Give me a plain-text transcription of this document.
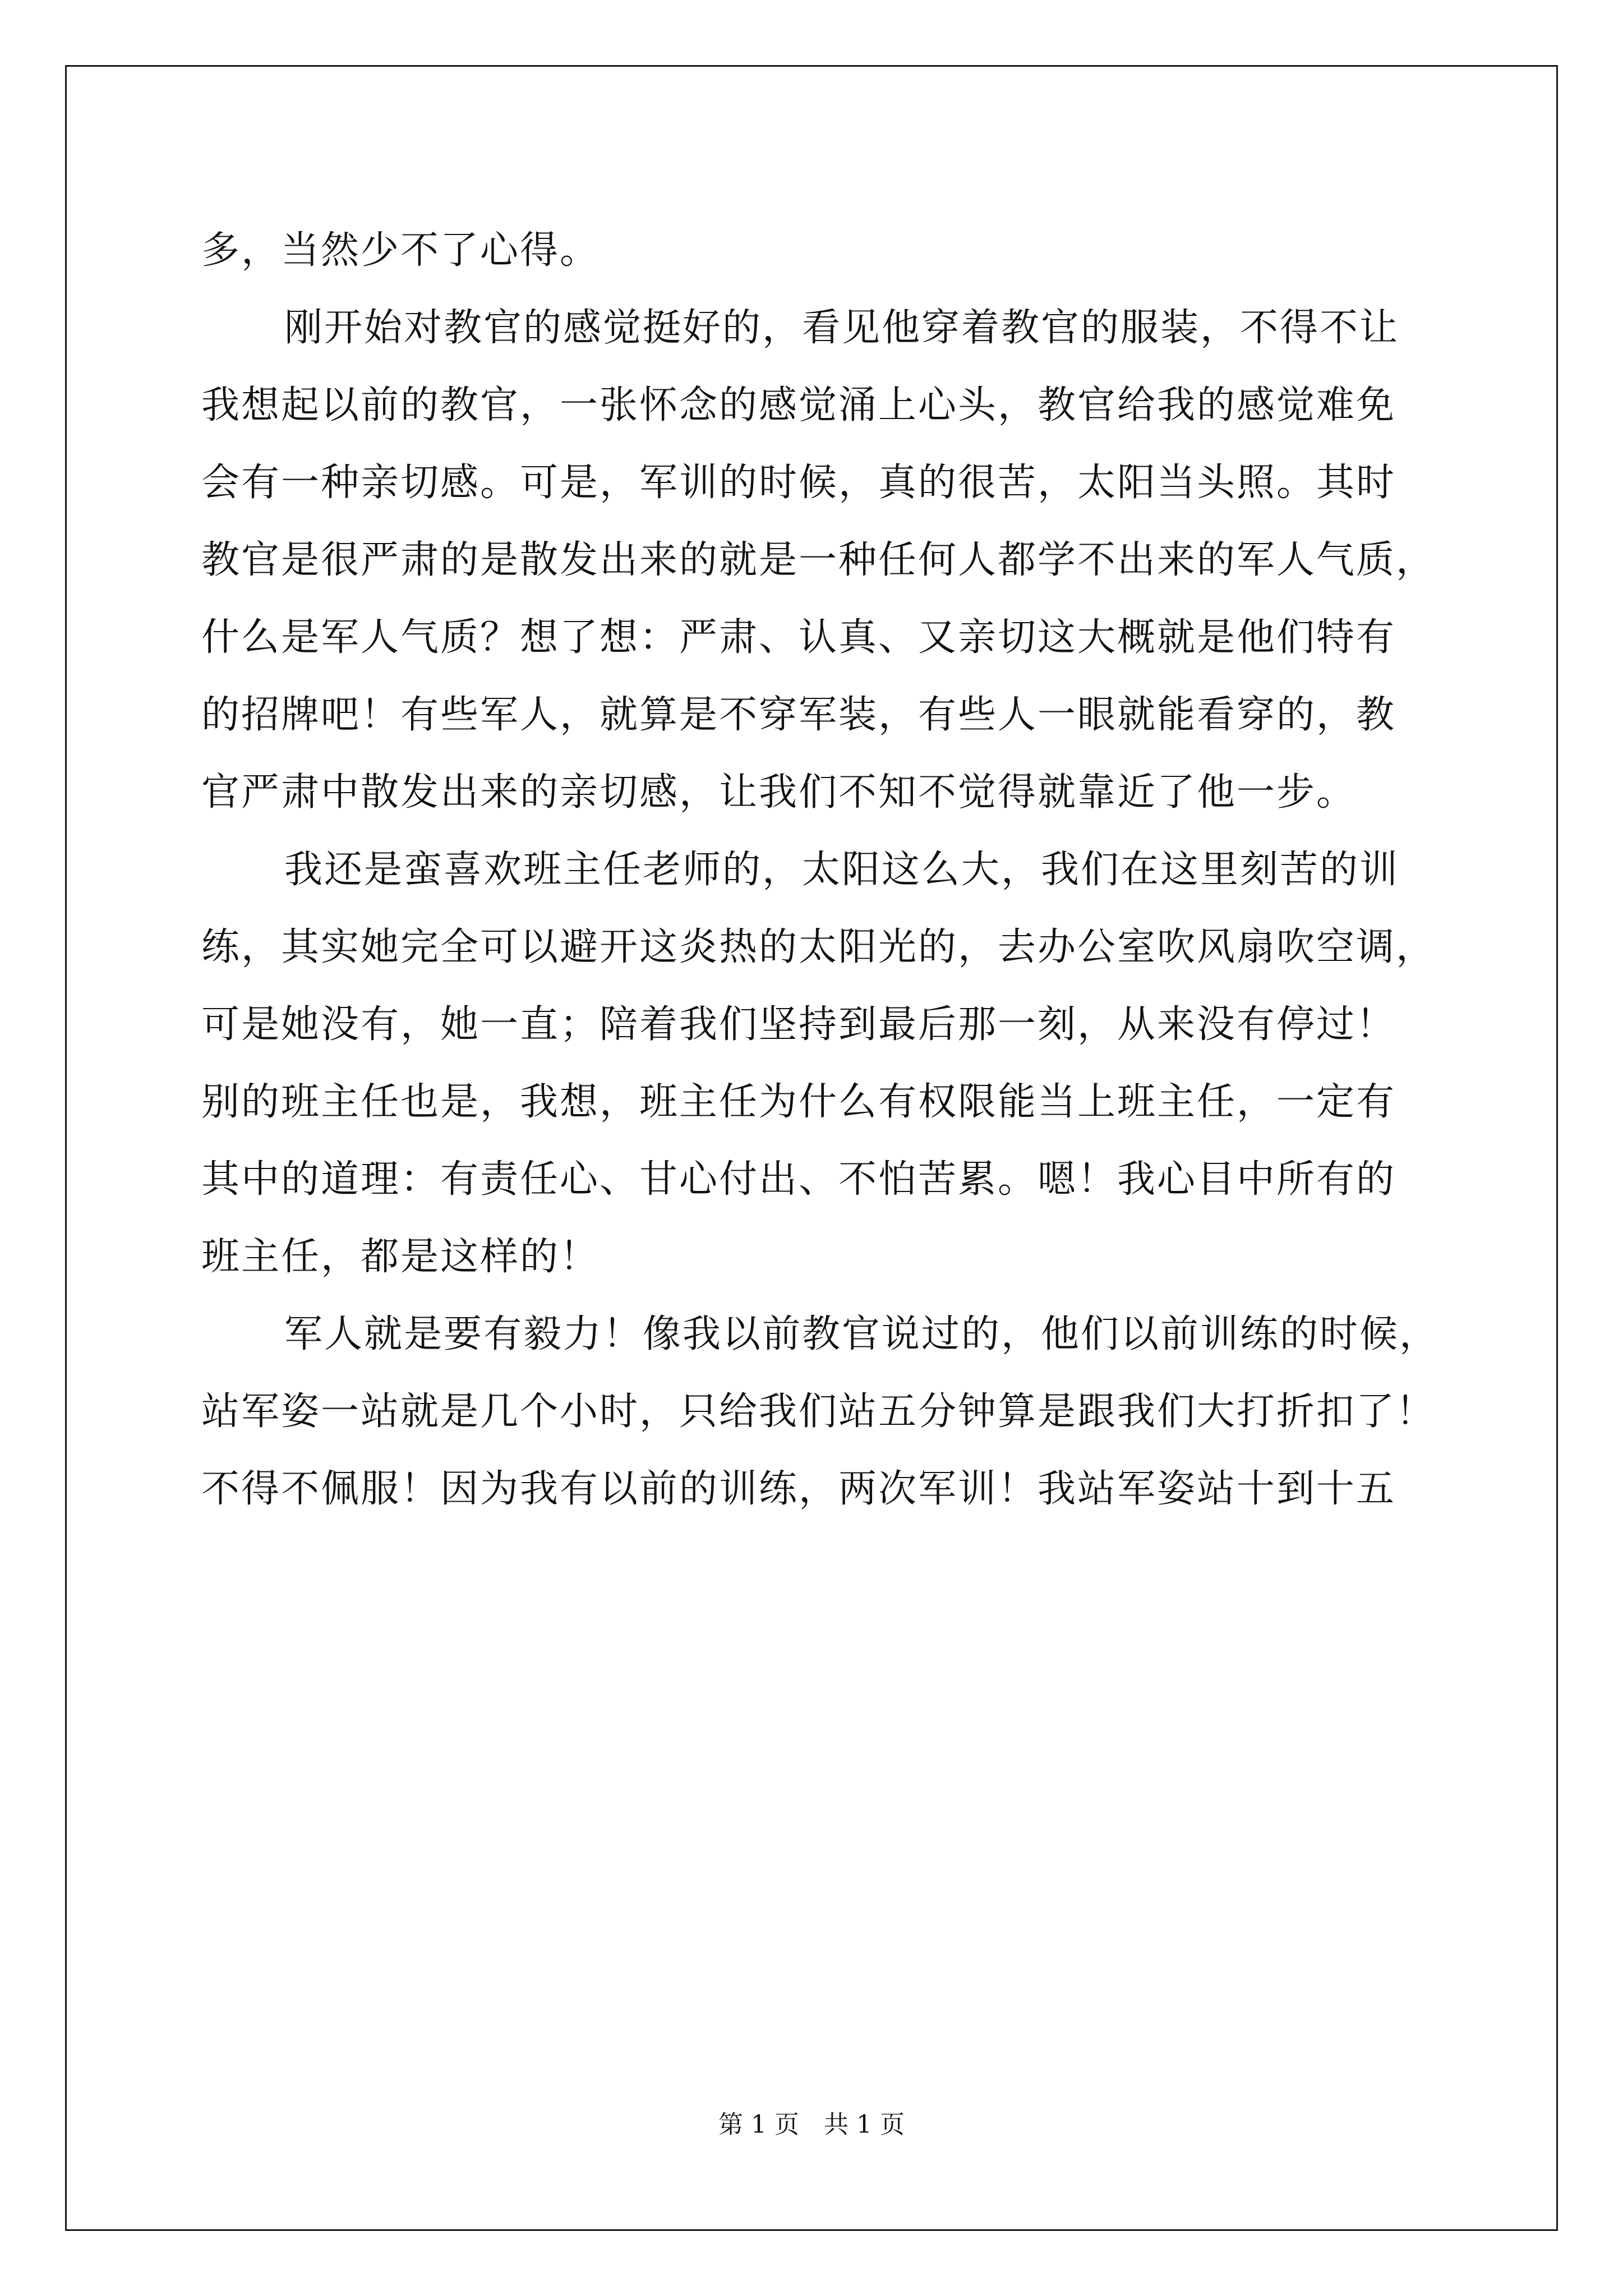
多，当然少不了心得。
刚开始对教官的感觉挺好的，看见他穿着教官的服装，不得不让
我想起以前的教官，一张怀念的感觉涌上心头，教官给我的感觉难免
会有一种亲切感。可是，军训的时候，真的很苦，太阳当头照。其时
教官是很严肃的是散发出来的就是一种任何人都学不出来的军人气质，
什么是军人气质？想了想：严肃、认真、又亲切这大概就是他们特有
的招牌吧！有些军人，就算是不穿军装，有些人一眼就能看穿的，教
官严肃中散发出来的亲切感，让我们不知不觉得就靠近了他一步。
我还是蛮喜欢班主任老师的，太阳这么大，我们在这里刻苦的训
练，其实她完全可以避开这炎热的太阳光的，去办公室吹风扇吹空调，
可是她没有，她一直；陪着我们坚持到最后那一刻，从来没有停过！
别的班主任也是，我想，班主任为什么有权限能当上班主任，一定有
其中的道理：有责任心、甘心付出、不怕苦累。嗯！我心目中所有的
班主任，都是这样的！
军人就是要有毅力！像我以前教官说过的，他们以前训练的时候，
站军姿一站就是几个小时，只给我们站五分钟算是跟我们大打折扣了！
不得不佩服！因为我有以前的训练，两次军训！我站军姿站十到十五
第 1 页　共 1 页
